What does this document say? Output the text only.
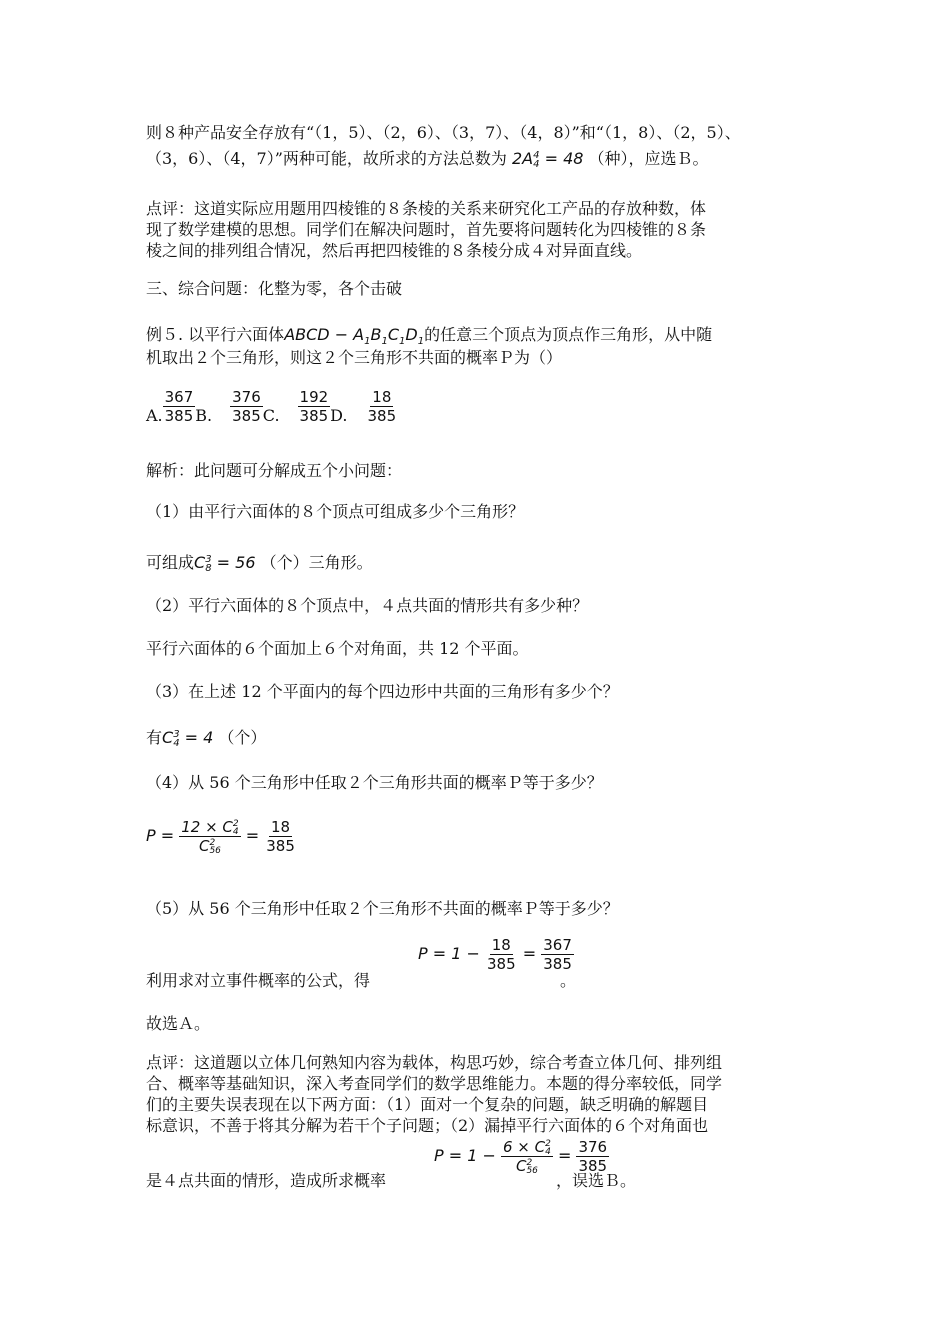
则８种产品安全存放有“（1，5）、（2，6）、（3，7）、（4，8）”和“（1，8）、（2，5）、
（3，6）、（4，7）”两种可能，故所求的方法总数为 2A 4
4 = 48 （种），应选Ｂ。
点评：这道实际应用题用四棱锥的８条棱的关系来研究化工产品的存放种数，体
现了数学建模的思想。同学们在解决问题时，首先要将问题转化为四棱锥的８条
棱之间的排列组合情况，然后再把四棱锥的８条棱分成４对异面直线。
三、综合问题：化整为零，各个击破
例５. 以平行六面体ABCD − $A_1B_1C_1D_1$的任意三个顶点为顶点作三角形，从中随
机取出２个三角形，则这２个三角形不共面的概率Ｐ为（）
A. $\frac{367}{385} B$. $\frac{376}{385} C$. $\frac{192}{385} D$. $\frac{18}{385}$
解析：此问题可分解成五个小问题：
（1）由平行六面体的８个顶点可组成多少个三角形？
可组成C 3
8 = 56 （个）三角形。
（2）平行六面体的８个顶点中，４点共面的情形共有多少种？
平行六面体的６个面加上６个对角面，共 12 个平面。
（3）在上述 12 个平面内的每个四边形中共面的三角形有多少个？
有C 3
4 = 4 （个）
（4）从 56 个三角形中任取２个三角形共面的概率Ｐ等于多少？
P = 12 × C 2
4
C 2
$56 = \frac{18}{385}$
（5）从 56 个三角形中任取２个三角形不共面的概率Ｐ等于多少？
$P = 1 - \frac{18}{385} = \frac{367}{385}$
利用求对立事件概率的公式，得	。
故选Ａ。
点评：这道题以立体几何熟知内容为载体，构思巧妙，综合考查立体几何、排列组
合、概率等基础知识，深入考查同学们的数学思维能力。本题的得分率较低，同学
们的主要失误表现在以下两方面：（1）面对一个复杂的问题，缺乏明确的解题目
标意识，不善于将其分解为若干个子问题；（2）漏掉平行六面体的６个对角面也
P = 1 − 6 × C 2
4
C 2
$56 = \frac{376}{385}$
是４点共面的情形，造成所求概率	，误选Ｂ。
